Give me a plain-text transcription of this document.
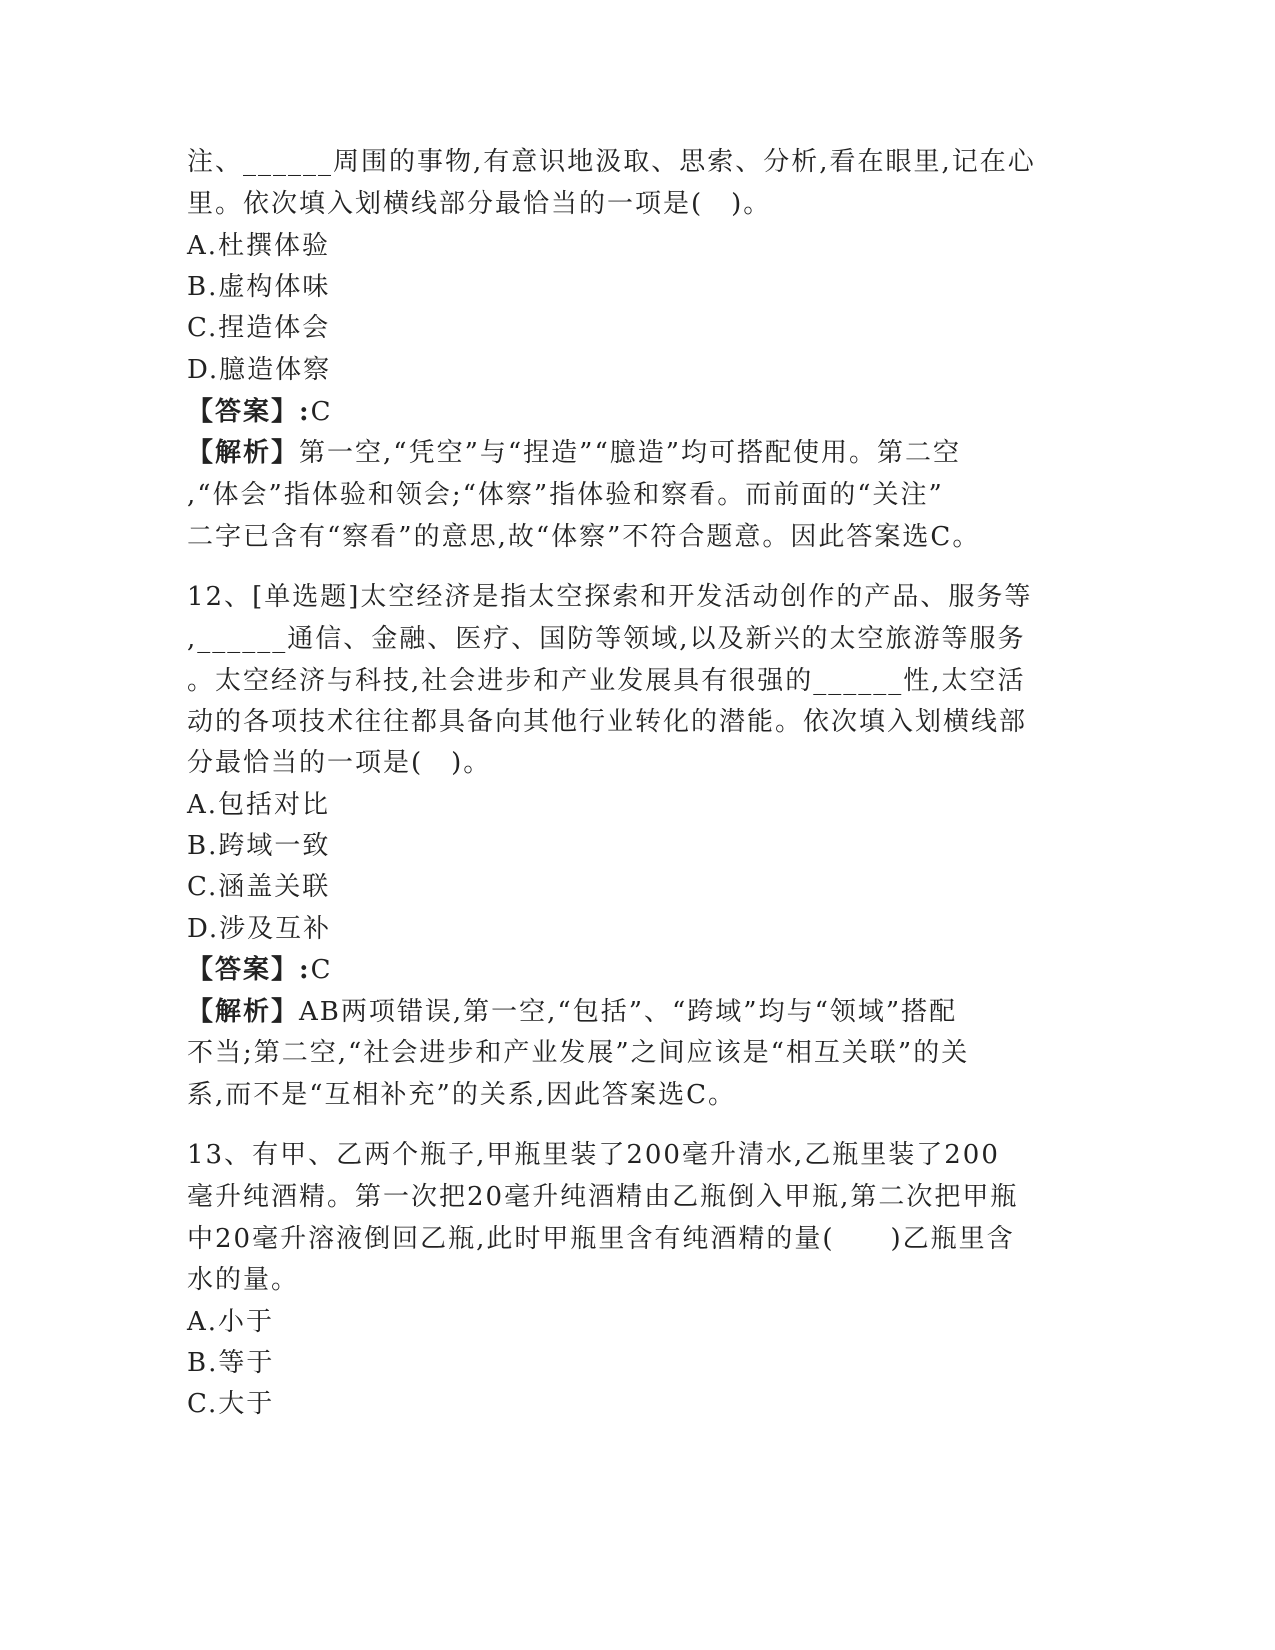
注、______周围的事物,有意识地汲取、思索、分析,看在眼里,记在心
里。依次填入划横线部分最恰当的一项是(　)。
A.杜撰体验
B.虚构体味
C.捏造体会
D.臆造体察
【答案】:C
【解析】第一空,“凭空”与“捏造”“臆造”均可搭配使用。第二空
,“体会”指体验和领会;“体察”指体验和察看。而前面的“关注”
二字已含有“察看”的意思,故“体察”不符合题意。因此答案选C。
12、[单选题]太空经济是指太空探索和开发活动创作的产品、服务等
,______通信、金融、医疗、国防等领域,以及新兴的太空旅游等服务
。太空经济与科技,社会进步和产业发展具有很强的______性,太空活
动的各项技术往往都具备向其他行业转化的潜能。依次填入划横线部
分最恰当的一项是(　)。
A.包括对比
B.跨域一致
C.涵盖关联
D.涉及互补
【答案】:C
【解析】AB两项错误,第一空,“包括”、“跨域”均与“领域”搭配
不当;第二空,“社会进步和产业发展”之间应该是“相互关联”的关
系,而不是“互相补充”的关系,因此答案选C。
13、有甲、乙两个瓶子,甲瓶里装了200毫升清水,乙瓶里装了200
毫升纯酒精。第一次把20毫升纯酒精由乙瓶倒入甲瓶,第二次把甲瓶
中20毫升溶液倒回乙瓶,此时甲瓶里含有纯酒精的量(　　)乙瓶里含
水的量。
A.小于
B.等于
C.大于
